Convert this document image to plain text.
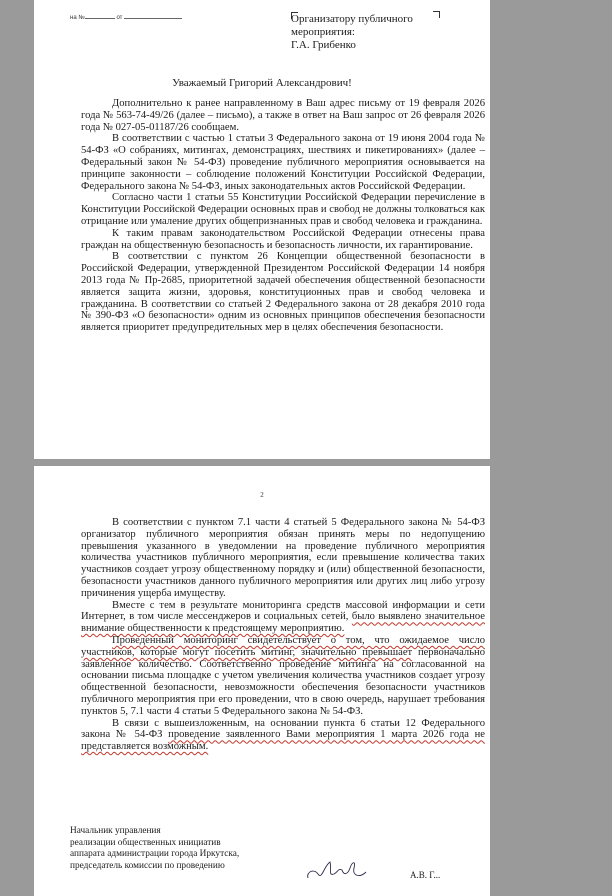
на №	от	Организатору публичного
мероприятия:
Г.А. Грибенко
Уважаемый Григорий Александрович!

Дополнительно к ранее направленному в Ваш адрес письму от 19 февраля 2026 года № 563-74-49/26 (далее – письмо), а также в ответ на Ваш запрос от 26 февраля 2026 года № 027-05-01187/26 сообщаем.

В соответствии с частью 1 статьи 3 Федерального закона от 19 июня 2004 года № 54-ФЗ «О собраниях, митингах, демонстрациях, шествиях и пикетированиях» (далее – Федеральный закон № 54-ФЗ) проведение публичного мероприятия основывается на принципе законности – соблюдение положений Конституции Российской Федерации, Федерального закона № 54-ФЗ, иных законодательных актов Российской Федерации.

Согласно части 1 статьи 55 Конституции Российской Федерации перечисление в Конституции Российской Федерации основных прав и свобод не должны толковаться как отрицание или умаление других общепризнанных прав и свобод человека и гражданина.

К таким правам законодательством Российской Федерации отнесены права граждан на общественную безопасность и безопасность личности, их гарантирование.

В соответствии с пунктом 26 Концепции общественной безопасности в Российской Федерации, утвержденной Президентом Российской Федерации 14 ноября 2013 года № Пр-2685, приоритетной задачей обеспечения общественной безопасности является защита жизни, здоровья, конституционных прав и свобод человека и гражданина. В соответствии со статьей 2 Федерального закона от 28 декабря 2010 года № 390-ФЗ «О безопасности» одним из основных принципов обеспечения безопасности является приоритет предупредительных мер в целях обеспечения безопасности.

2

В соответствии с пунктом 7.1 части 4 статьей 5 Федерального закона № 54-ФЗ организатор публичного мероприятия обязан принять меры по недопущению превышения указанного в уведомлении на проведение публичного мероприятия количества участников публичного мероприятия, если превышение количества таких участников создает угрозу общественному порядку и (или) общественной безопасности, безопасности участников данного публичного мероприятия или других лиц либо угрозу причинения ущерба имуществу.

Вместе с тем в результате мониторинга средств массовой информации и сети Интернет, в том числе мессенджеров и социальных сетей, было выявлено значительное внимание общественности к предстоящему мероприятию.

Проведенный мониторинг свидетельствует о том, что ожидаемое число участников, которые могут посетить митинг, значительно превышает первоначально заявленное количество. Соответственно проведение митинга на согласованной на основании письма площадке с учетом увеличения количества участников создает угрозу общественной безопасности, невозможности обеспечения безопасности участников публичного мероприятия при его проведении, что в свою очередь, нарушает требования пунктов 5, 7.1 части 4 статьи 5 Федерального закона № 54-ФЗ.

В связи с вышеизложенным, на основании пункта 6 статьи 12 Федерального закона № 54-ФЗ проведение заявленного Вами мероприятия 1 марта 2026 года не представляется возможным.

Начальник управления
реализации общественных инициатив
аппарата администрации города Иркутска,
председатель комиссии по проведению
А.В. Г...
